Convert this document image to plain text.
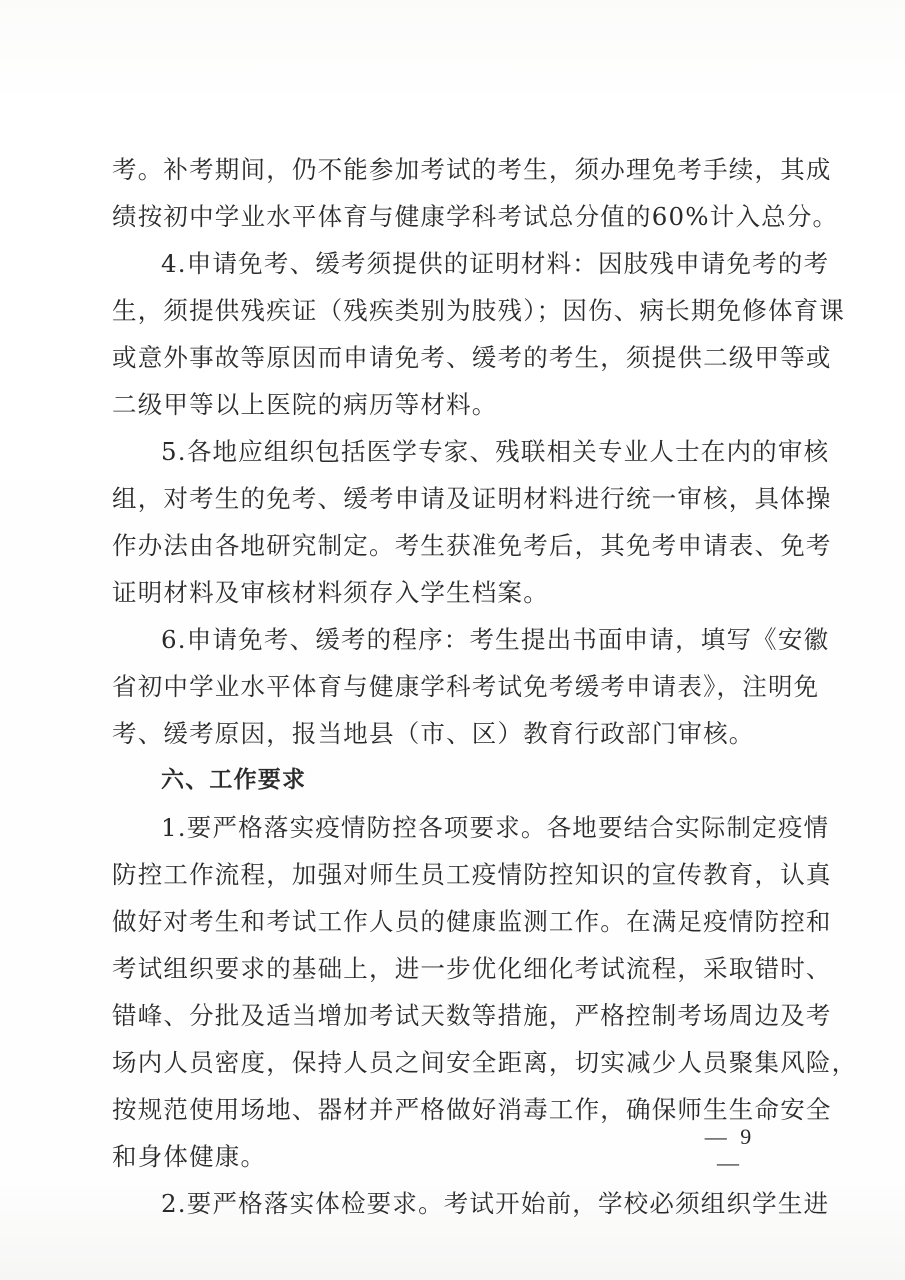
考。补考期间，仍不能参加考试的考生，须办理免考手续，其成
绩按初中学业水平体育与健康学科考试总分值的60%计入总分。
4.申请免考、缓考须提供的证明材料：因肢残申请免考的考
生，须提供残疾证（残疾类别为肢残）；因伤、病长期免修体育课
或意外事故等原因而申请免考、缓考的考生，须提供二级甲等或
二级甲等以上医院的病历等材料。
5.各地应组织包括医学专家、残联相关专业人士在内的审核
组，对考生的免考、缓考申请及证明材料进行统一审核，具体操
作办法由各地研究制定。考生获准免考后，其免考申请表、免考
证明材料及审核材料须存入学生档案。
6.申请免考、缓考的程序：考生提出书面申请，填写《安徽
省初中学业水平体育与健康学科考试免考缓考申请表》，注明免
考、缓考原因，报当地县（市、区）教育行政部门审核。
六、工作要求
1.要严格落实疫情防控各项要求。各地要结合实际制定疫情
防控工作流程，加强对师生员工疫情防控知识的宣传教育，认真
做好对考生和考试工作人员的健康监测工作。在满足疫情防控和
考试组织要求的基础上，进一步优化细化考试流程，采取错时、
错峰、分批及适当增加考试天数等措施，严格控制考场周边及考
场内人员密度，保持人员之间安全距离，切实减少人员聚集风险，
按规范使用场地、器材并严格做好消毒工作，确保师生生命安全
和身体健康。
2.要严格落实体检要求。考试开始前，学校必须组织学生进
— 9 —
